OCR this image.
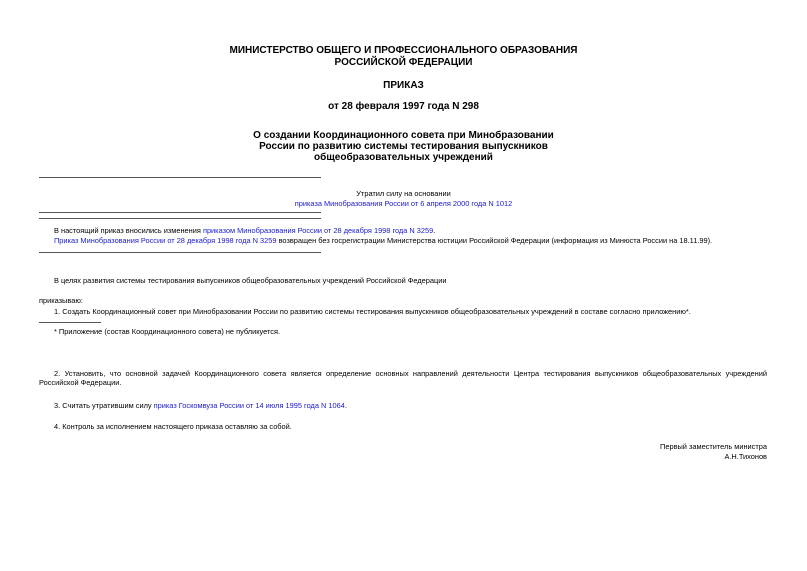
МИНИСТЕРСТВО ОБЩЕГО И ПРОФЕССИОНАЛЬНОГО ОБРАЗОВАНИЯ
РОССИЙСКОЙ ФЕДЕРАЦИИ
ПРИКАЗ
от 28 февраля 1997 года N 298
О создании Координационного совета при Минобразовании
России по развитию системы тестирования выпускников
общеобразовательных учреждений
Утратил силу на основании
приказа Минобразования России от 6 апреля 2000 года N 1012
В настоящий приказ вносились изменения приказом Минобразования России от 28 декабря 1998 года N 3259.
Приказ Минобразования России от 28 декабря 1998 года N 3259 возвращен без госрегистрации Министерства юстиции Российской Федерации (информация из Минюста России на 18.11.99).
В целях развития системы тестирования выпускников общеобразовательных учреждений Российской Федерации
приказываю:
1. Создать Координационный совет при Минобразовании России по развитию системы тестирования выпускников общеобразовательных учреждений в составе согласно приложению*.
* Приложение (состав Координационного совета) не публикуется.
2. Установить, что основной задачей Координационного совета является определение основных направлений деятельности Центра тестирования выпускников общеобразовательных учреждений Российской Федерации.
3. Считать утратившим силу приказ Госкомвуза России от 14 июля 1995 года N 1064.
4. Контроль за исполнением настоящего приказа оставляю за собой.
Первый заместитель министра
А.Н.Тихонов
